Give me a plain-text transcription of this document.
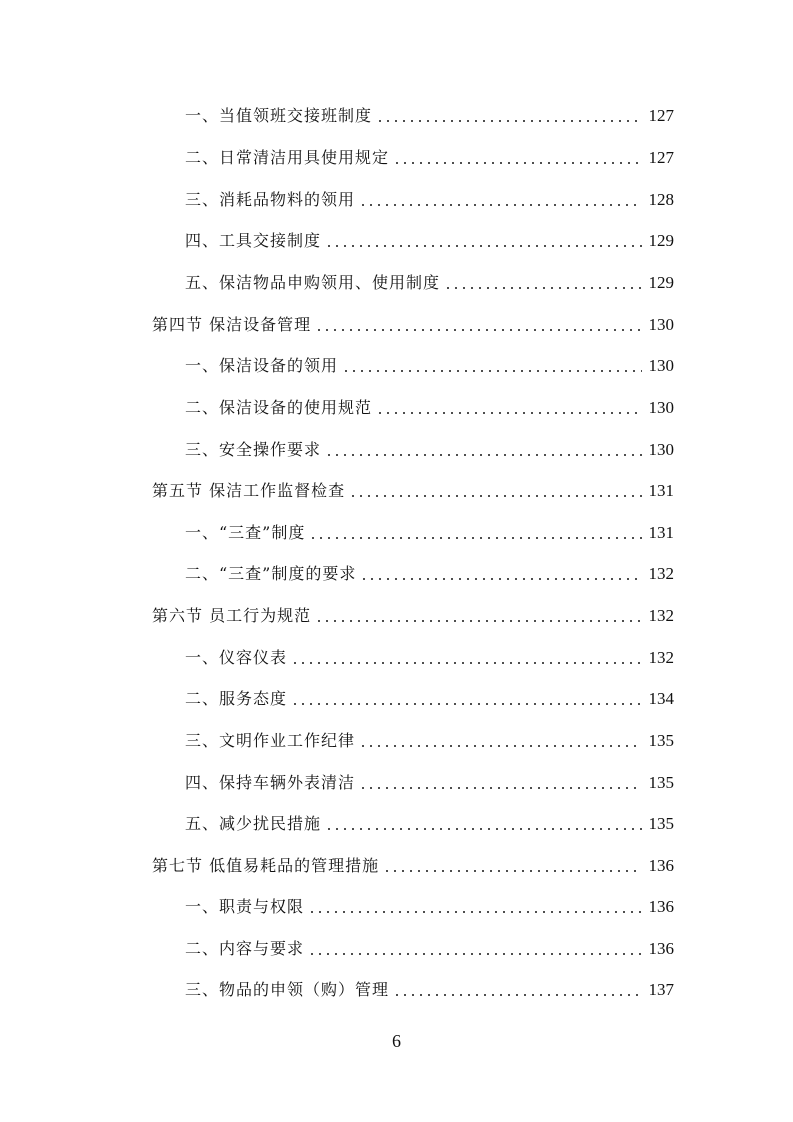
一、当值领班交接班制度	127
二、日常清洁用具使用规定	127
三、消耗品物料的领用	128
四、工具交接制度	129
五、保洁物品申购领用、使用制度	129
第四节 保洁设备管理	130
一、保洁设备的领用	130
二、保洁设备的使用规范	130
三、安全操作要求	130
第五节 保洁工作监督检查	131
一、“三查”制度	131
二、“三查”制度的要求	132
第六节 员工行为规范	132
一、仪容仪表	132
二、服务态度	134
三、文明作业工作纪律	135
四、保持车辆外表清洁	135
五、减少扰民措施	135
第七节 低值易耗品的管理措施	136
一、职责与权限	136
二、内容与要求	136
三、物品的申领（购）管理	137
6
